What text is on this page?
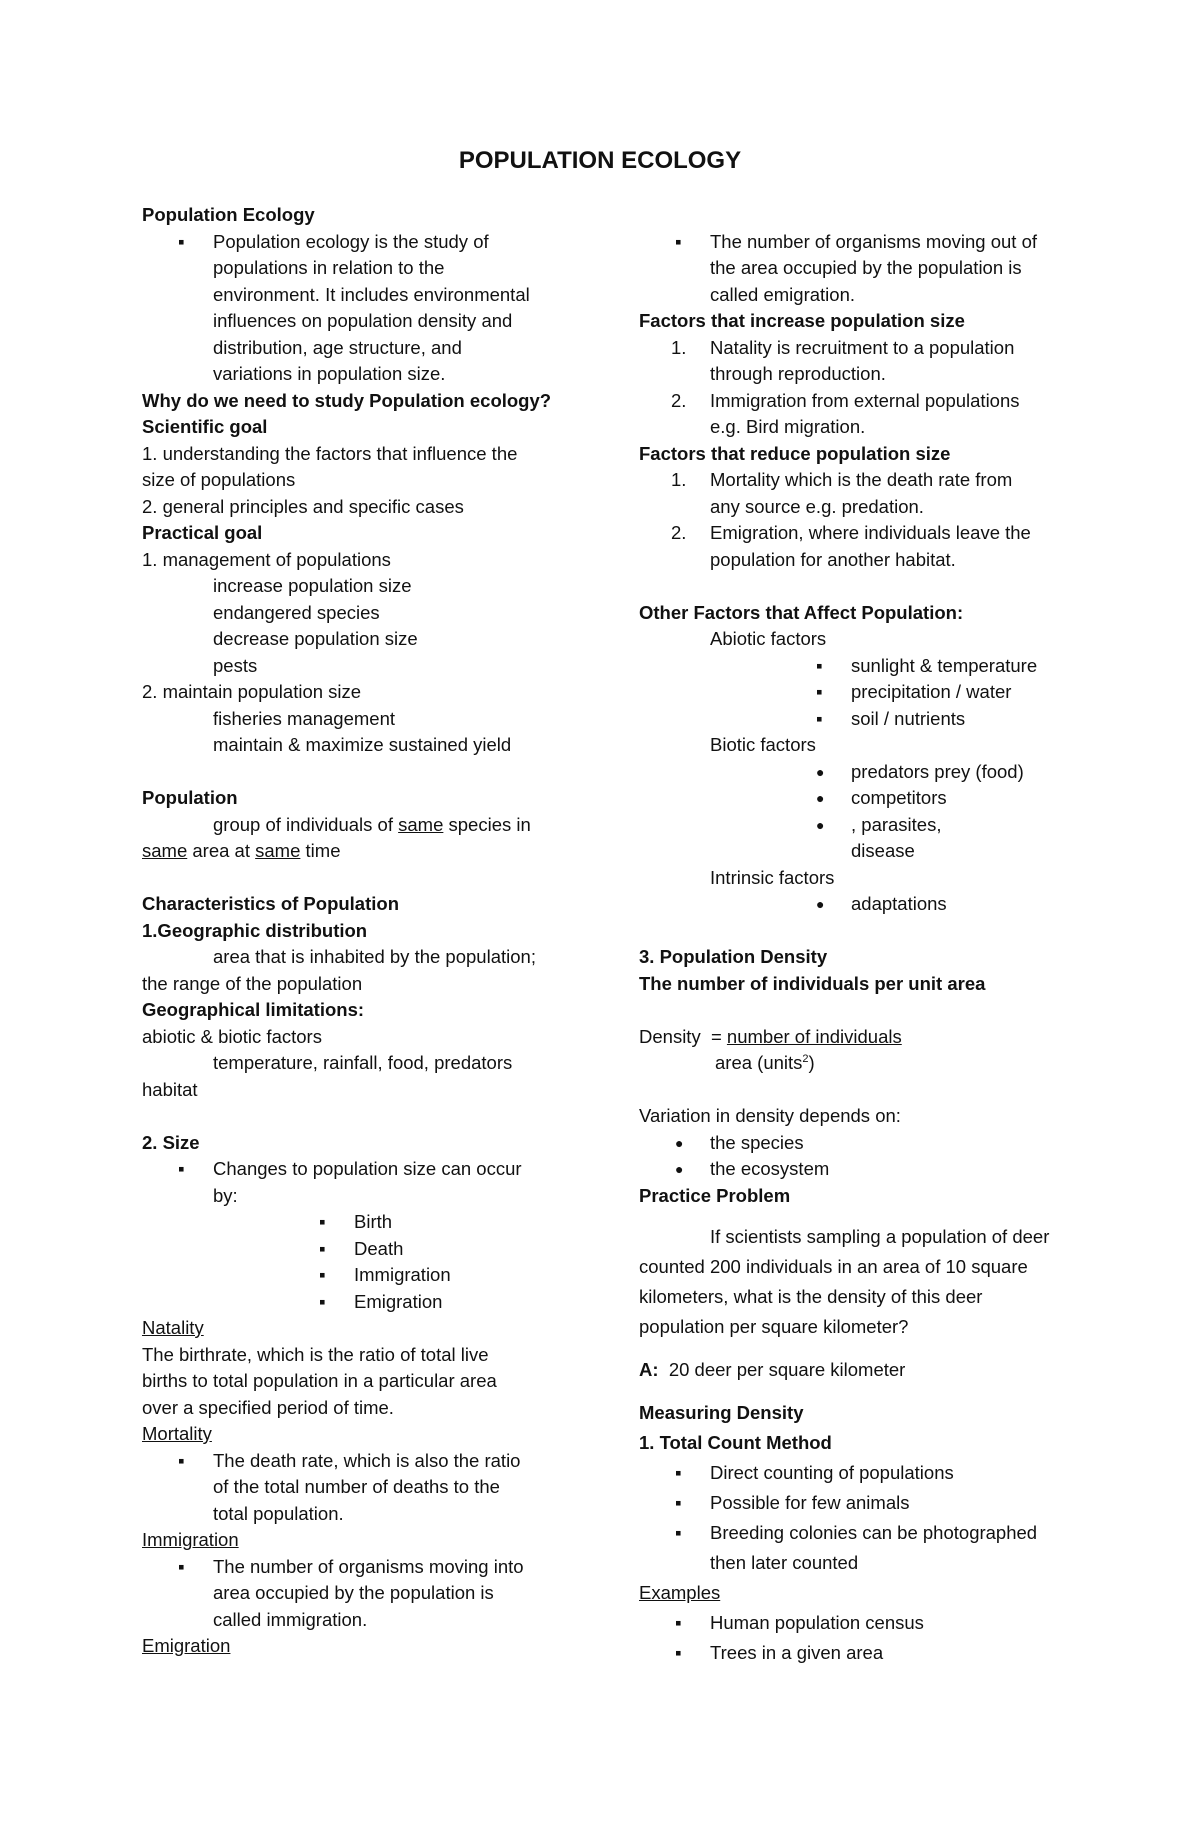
POPULATION ECOLOGY

Population Ecology

▪ Population ecology is the study of

populations in relation to the

environment. It includes environmental

influences on population density and

distribution, age structure, and

variations in population size.

Why do we need to study Population ecology?

Scientific goal

1. understanding the factors that influence the

size of populations

2. general principles and specific cases

Practical goal

1. management of populations

increase population size

endangered species

decrease population size

pests

2. maintain population size

fisheries management

maintain & maximize sustained yield

Population

group of individuals of same species in

same area at same time

Characteristics of Population

1.Geographic distribution

area that is inhabited by the population;

the range of the population

Geographical limitations:

abiotic & biotic factors

temperature, rainfall, food, predators

habitat

2. Size

▪ Changes to population size can occur

by:

▪ Birth

▪ Death

▪ Immigration

▪ Emigration

Natality

The birthrate, which is the ratio of total live

births to total population in a particular area

over a specified period of time.

Mortality

▪ The death rate, which is also the ratio

of the total number of deaths to the

total population.

Immigration

▪ The number of organisms moving into

area occupied by the population is

called immigration.

Emigration

▪ The number of organisms moving out of

the area occupied by the population is

called emigration.

Factors that increase population size

1. Natality is recruitment to a population

through reproduction.

2. Immigration from external populations

e.g. Bird migration.

Factors that reduce population size

1. Mortality which is the death rate from

any source e.g. predation.

2. Emigration, where individuals leave the

population for another habitat.

Other Factors that Affect Population:

Abiotic factors

▪ sunlight & temperature

▪ precipitation / water

▪ soil / nutrients

Biotic factors

● predators prey (food)

● competitors

● , parasites,

disease

Intrinsic factors

● adaptations

3. Population Density

The number of individuals per unit area

Density  = number of individuals

area (units$^2$)

Variation in density depends on:

● the species

● the ecosystem

Practice Problem

If scientists sampling a population of deer

counted 200 individuals in an area of 10 square

kilometers, what is the density of this deer

population per square kilometer?

A: 20 deer per square kilometer

Measuring Density

1. Total Count Method

▪ Direct counting of populations

▪ Possible for few animals

▪ Breeding colonies can be photographed

then later counted

Examples

▪ Human population census

▪ Trees in a given area
